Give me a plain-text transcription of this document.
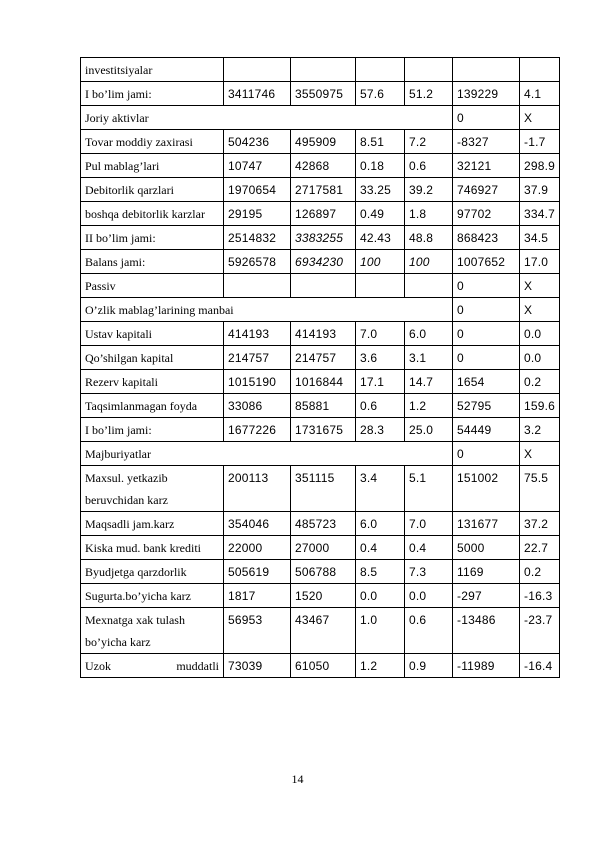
investitsiyalar						
I bo’lim jami:	3411746	3550975	57.6	51.2	139229	4.1
Joriy aktivlar					0	X
Tovar moddiy zaxirasi	504236	495909	8.51	7.2	-8327	-1.7
Pul mablag’lari	10747	42868	0.18	0.6	32121	298.9
Debitorlik qarzlari	1970654	2717581	33.25	39.2	746927	37.9
boshqa debitorlik karzlar	29195	126897	0.49	1.8	97702	334.7
II bo’lim jami:	2514832	3383255	42.43	48.8	868423	34.5
Balans jami:	5926578	6934230	100	100	1007652	17.0
Passiv					0	X
O’zlik mablag’larining manbai					0	X
Ustav kapitali	414193	414193	7.0	6.0	0	0.0
Qo’shilgan kapital	214757	214757	3.6	3.1	0	0.0
Rezerv kapitali	1015190	1016844	17.1	14.7	1654	0.2
Taqsimlanmagan foyda	33086	85881	0.6	1.2	52795	159.6
I bo’lim jami:	1677226	1731675	28.3	25.0	54449	3.2
Majburiyatlar					0	X
Maxsul. yetkazib beruvchidan karz	200113	351115	3.4	5.1	151002	75.5
Maqsadli jam.karz	354046	485723	6.0	7.0	131677	37.2
Kiska mud. bank krediti	22000	27000	0.4	0.4	5000	22.7
Byudjetga qarzdorlik	505619	506788	8.5	7.3	1169	0.2
Sugurta.bo’yicha karz	1817	1520	0.0	0.0	-297	-16.3
Mexnatga xak tulash bo’yicha karz	56953	43467	1.0	0.6	-13486	-23.7
Uzok muddatli	73039	61050	1.2	0.9	-11989	-16.4
14
